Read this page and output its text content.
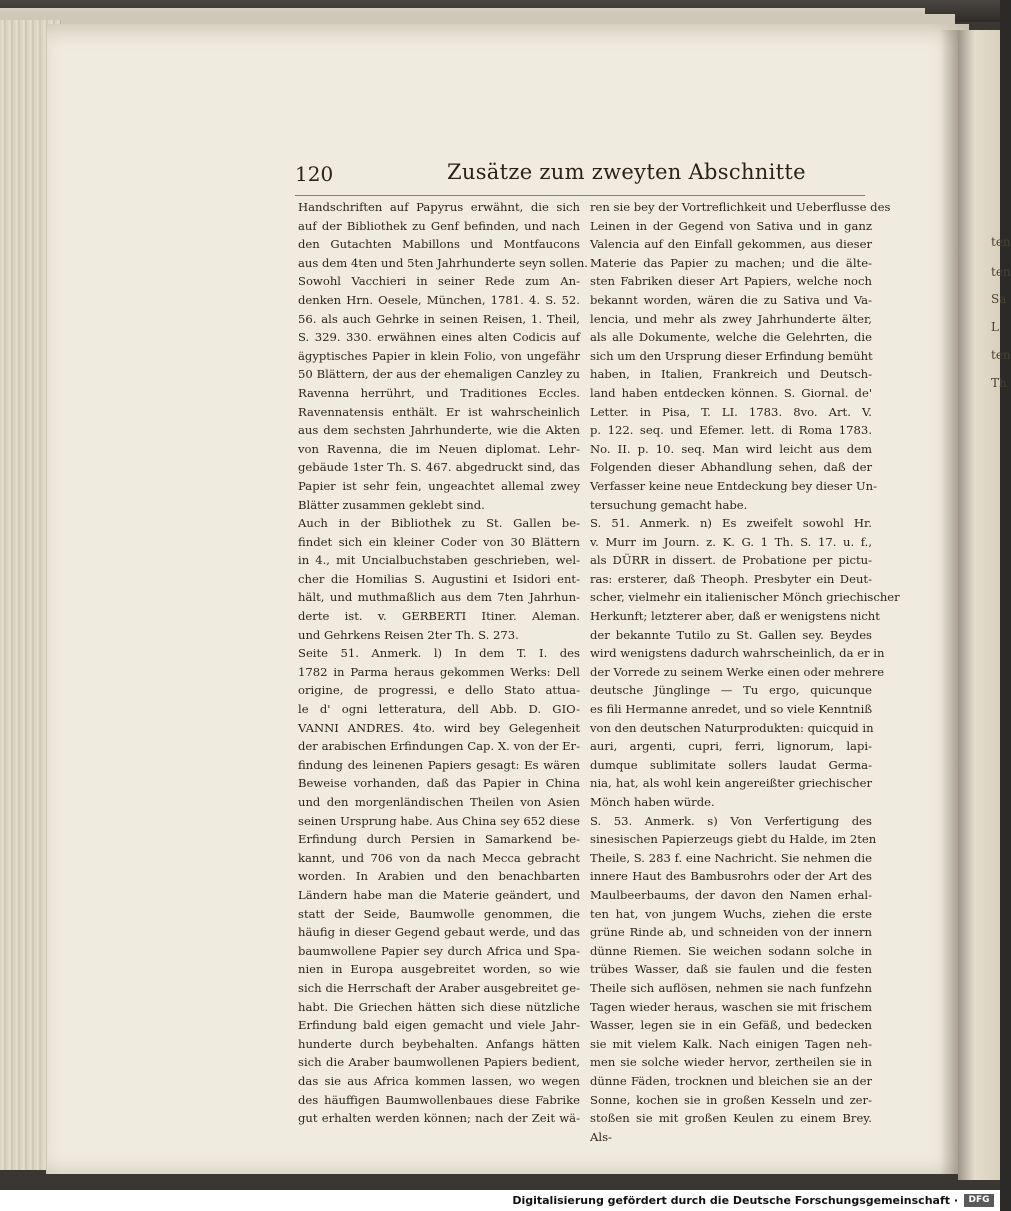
ten
ten
Sa
L
ten
Th
120	Zusätze zum zweyten Abschnitte
Handschriften auf Papyrus erwähnt, die sich
auf der Bibliothek zu Genf befinden, und nach
den Gutachten Mabillons und Montfaucons
aus dem 4ten und 5ten Jahrhunderte seyn sollen.
Sowohl Vacchieri in seiner Rede zum An-
denken Hrn. Oesele, München, 1781. 4. S. 52.
56. als auch Gehrke in seinen Reisen, 1. Theil,
S. 329. 330. erwähnen eines alten Codicis auf
ägyptisches Papier in klein Folio, von ungefähr
50 Blättern, der aus der ehemaligen Canzley zu
Ravenna herrührt, und Traditiones Eccles.
Ravennatensis enthält. Er ist wahrscheinlich
aus dem sechsten Jahrhunderte, wie die Akten
von Ravenna, die im Neuen diplomat. Lehr-
gebäude 1ster Th. S. 467. abgedruckt sind, das
Papier ist sehr fein, ungeachtet allemal zwey
Blätter zusammen geklebt sind.
Auch in der Bibliothek zu St. Gallen be-
findet sich ein kleiner Coder von 30 Blättern
in 4., mit Uncialbuchstaben geschrieben, wel-
cher die Homilias S. Augustini et Isidori ent-
hält, und muthmaßlich aus dem 7ten Jahrhun-
derte ist. v. GERBERTI Itiner. Aleman.
und Gehrkens Reisen 2ter Th. S. 273.
Seite 51. Anmerk. l) In dem T. I. des
1782 in Parma heraus gekommen Werks: Dell
origine, de progressi, e dello Stato attua-
le d' ogni letteratura, dell Abb. D. GIO-
VANNI ANDRES. 4to. wird bey Gelegenheit
der arabischen Erfindungen Cap. X. von der Er-
findung des leinenen Papiers gesagt: Es wären
Beweise vorhanden, daß das Papier in China
und den morgenländischen Theilen von Asien
seinen Ursprung habe. Aus China sey 652 diese
Erfindung durch Persien in Samarkend be-
kannt, und 706 von da nach Mecca gebracht
worden. In Arabien und den benachbarten
Ländern habe man die Materie geändert, und
statt der Seide, Baumwolle genommen, die
häufig in dieser Gegend gebaut werde, und das
baumwollene Papier sey durch Africa und Spa-
nien in Europa ausgebreitet worden, so wie
sich die Herrschaft der Araber ausgebreitet ge-
habt. Die Griechen hätten sich diese nützliche
Erfindung bald eigen gemacht und viele Jahr-
hunderte durch beybehalten. Anfangs hätten
sich die Araber baumwollenen Papiers bedient,
das sie aus Africa kommen lassen, wo wegen
des häuffigen Baumwollenbaues diese Fabrike
gut erhalten werden können; nach der Zeit wä-
ren sie bey der Vortreflichkeit und Ueberflusse des
Leinen in der Gegend von Sativa und in ganz
Valencia auf den Einfall gekommen, aus dieser
Materie das Papier zu machen; und die älte-
sten Fabriken dieser Art Papiers, welche noch
bekannt worden, wären die zu Sativa und Va-
lencia, und mehr als zwey Jahrhunderte älter,
als alle Dokumente, welche die Gelehrten, die
sich um den Ursprung dieser Erfindung bemüht
haben, in Italien, Frankreich und Deutsch-
land haben entdecken können. S. Giornal. de'
Letter. in Pisa, T. LI. 1783. 8vo. Art. V.
p. 122. seq. und Efemer. lett. di Roma 1783.
No. II. p. 10. seq. Man wird leicht aus dem
Folgenden dieser Abhandlung sehen, daß der
Verfasser keine neue Entdeckung bey dieser Un-
tersuchung gemacht habe.
S. 51. Anmerk. n) Es zweifelt sowohl Hr.
v. Murr im Journ. z. K. G. 1 Th. S. 17. u. f.,
als DÜRR in dissert. de Probatione per pictu-
ras: ersterer, daß Theoph. Presbyter ein Deut-
scher, vielmehr ein italienischer Mönch griechischer
Herkunft; letzterer aber, daß er wenigstens nicht
der bekannte Tutilo zu St. Gallen sey. Beydes
wird wenigstens dadurch wahrscheinlich, da er in
der Vorrede zu seinem Werke einen oder mehrere
deutsche Jünglinge — Tu ergo, quicunque
es fili Hermanne anredet, und so viele Kenntniß
von den deutschen Naturprodukten: quicquid in
auri, argenti, cupri, ferri, lignorum, lapi-
dumque sublimitate sollers laudat Germa-
nia, hat, als wohl kein angereißter griechischer
Mönch haben würde.
S. 53. Anmerk. s) Von Verfertigung des
sinesischen Papierzeugs giebt du Halde, im 2ten
Theile, S. 283 f. eine Nachricht. Sie nehmen die
innere Haut des Bambusrohrs oder der Art des
Maulbeerbaums, der davon den Namen erhal-
ten hat, von jungem Wuchs, ziehen die erste
grüne Rinde ab, und schneiden von der innern
dünne Riemen. Sie weichen sodann solche in
trübes Wasser, daß sie faulen und die festen
Theile sich auflösen, nehmen sie nach funfzehn
Tagen wieder heraus, waschen sie mit frischem
Wasser, legen sie in ein Gefäß, und bedecken
sie mit vielem Kalk. Nach einigen Tagen neh-
men sie solche wieder hervor, zertheilen sie in
dünne Fäden, trocknen und bleichen sie an der
Sonne, kochen sie in großen Kesseln und zer-
stoßen sie mit großen Keulen zu einem Brey.
Als-
Digitalisierung gefördert durch die Deutsche Forschungsgemeinschaft ·	DFG
